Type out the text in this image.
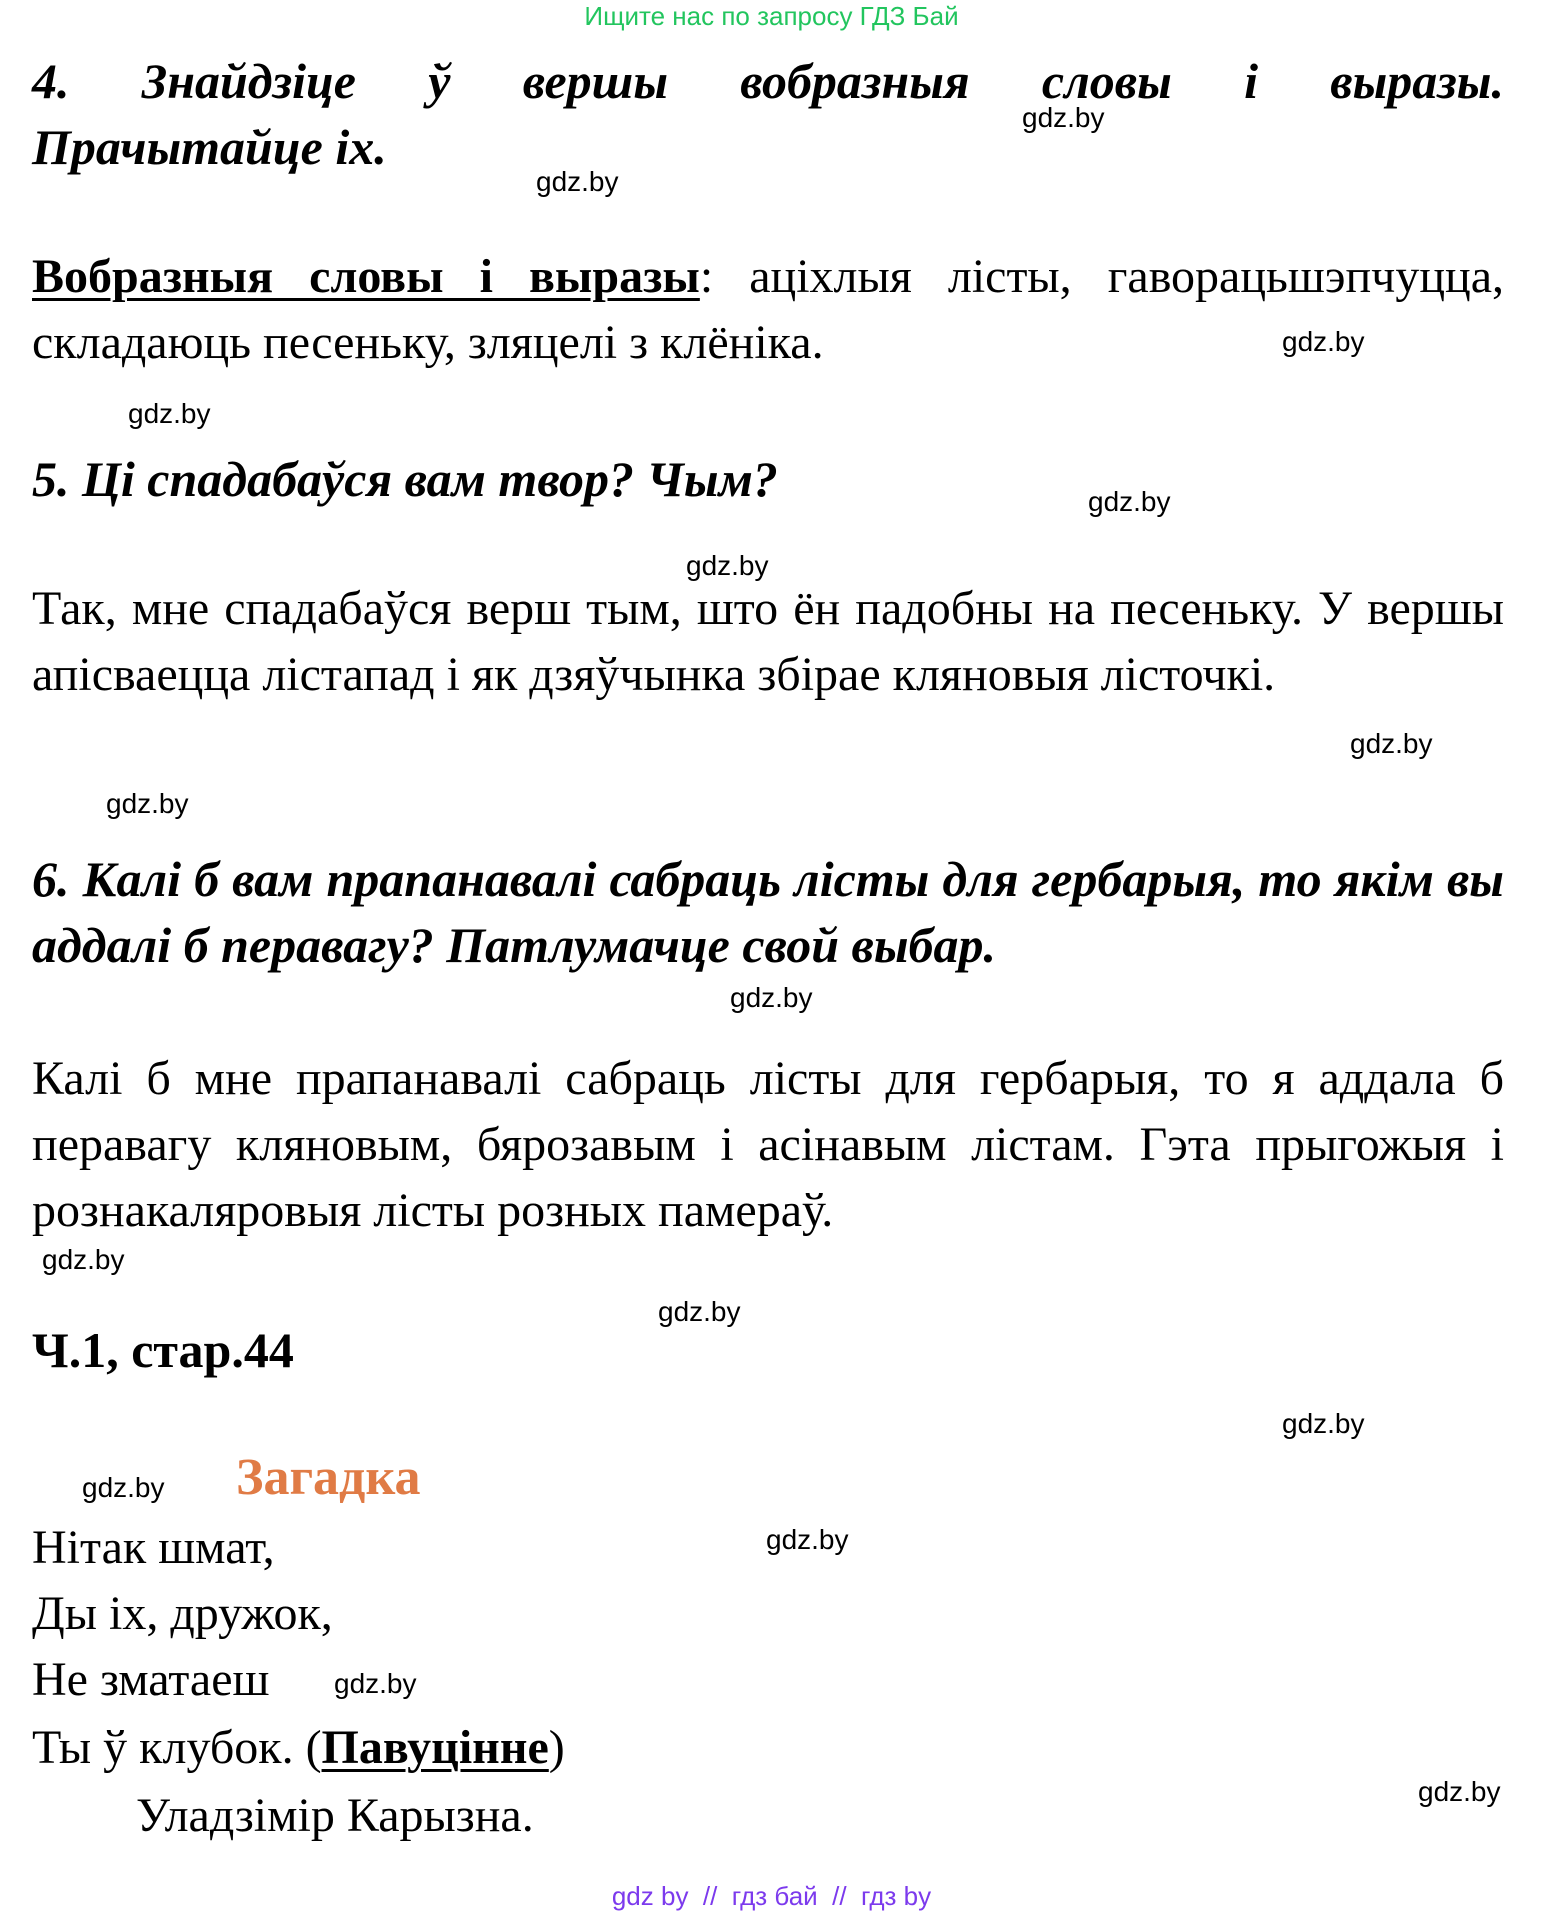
Ищите нас по запросу ГДЗ Бай
4. Знайдзіце ў вершы вобразныя словы і выразы.
Прачытайце іх.
Вобразныя словы і выразы: ацiхлыя лісты, гаворацьшэпчуцца, складаюць песеньку, зляцелі з клёніка.
5. Ці спадабаўся вам твор? Чым?
Так, мне спадабаўся верш тым, што ён падобны на песеньку. У вершы апісваецца лістапад і як дзяўчынка збірае кляновыя лісточкі.
6. Калі б вам прапанавалі сабраць лісты для гербарыя, то якім вы аддалі б перавагу? Патлумачце свой выбар.
Калі б мне прапанавалі сабраць лісты для гербарыя, то я аддала б перавагу кляновым, бярозавым і асінавым лістам. Гэта прыгожыя і рознакаляровыя лісты розных памераў.
Ч.1, стар.44
Загадка
Нітак шмат,
Ды іх, дружок,
Не зматаеш
Ты ў клубок. (Павуцінне)
Уладзімір Карызна.
gdz.by
gdz.by
gdz.by
gdz.by
gdz.by
gdz.by
gdz.by
gdz.by
gdz.by
gdz.by
gdz.by
gdz.by
gdz.by
gdz.by
gdz.by
gdz.by
gdz by  //  гдз бай  //  гдз by
